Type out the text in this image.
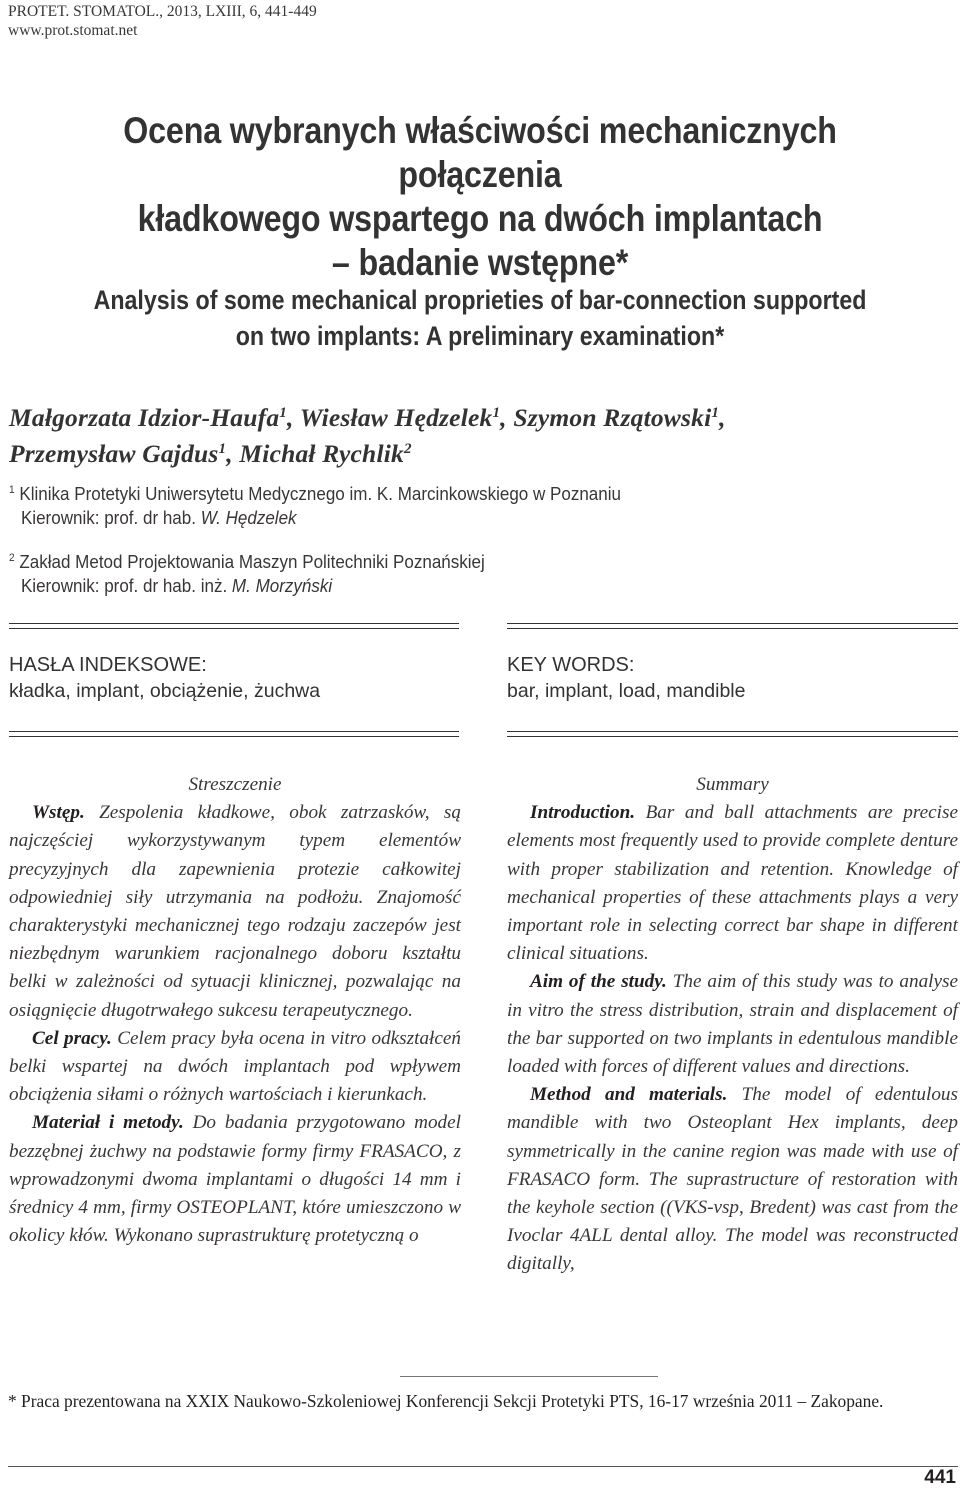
PROTET. STOMATOL., 2013, LXIII, 6, 441-449
www.prot.stomat.net
Ocena wybranych właściwości mechanicznych połączenia
kładkowego wspartego na dwóch implantach
– badanie wstępne*
Analysis of some mechanical proprieties of bar-connection supported
on two implants: A preliminary examination*
Małgorzata Idzior-Haufa$^1$, Wiesław Hędzelek$^1$, Szymon Rzątowski$^1$,
Przemysław Gajdus$^1$, Michał Rychlik$^2$
$^1$ Klinika Protetyki Uniwersytetu Medycznego im. K. Marcinkowskiego w Poznaniu
Kierownik: prof. dr hab. W. Hędzelek
$^2$ Zakład Metod Projektowania Maszyn Politechniki Poznańskiej
Kierownik: prof. dr hab. inż. M. Morzyński
HASŁA INDEKSOWE:
kładka, implant, obciążenie, żuchwa
KEY WORDS:
bar, implant, load, mandible

Streszczenie

Wstęp. Zespolenia kładkowe, obok zatrzasków, są najczęściej wykorzystywanym typem elementów precyzyjnych dla zapewnienia protezie całkowitej odpowiedniej siły utrzymania na podłożu. Znajomość charakterystyki mechanicznej tego rodzaju zaczepów jest niezbędnym warunkiem racjonalnego doboru kształtu belki w zależności od sytuacji klinicznej, pozwalając na osiągnięcie długotrwałego sukcesu terapeutycznego.

Cel pracy. Celem pracy była ocena in vitro odkształceń belki wspartej na dwóch implantach pod wpływem obciążenia siłami o różnych wartościach i kierunkach.

Materiał i metody. Do badania przygotowano model bezzębnej żuchwy na podstawie formy firmy FRASACO, z wprowadzonymi dwoma implantami o długości 14 mm i średnicy 4 mm, firmy OSTEOPLANT, które umieszczono w okolicy kłów. Wykonano suprastrukturę protetyczną o

Summary

Introduction. Bar and ball attachments are precise elements most frequently used to provide complete denture with proper stabilization and retention. Knowledge of mechanical properties of these attachments plays a very important role in selecting correct bar shape in different clinical situations.

Aim of the study. The aim of this study was to analyse in vitro the stress distribution, strain and displacement of the bar supported on two implants in edentulous mandible loaded with forces of different values and directions.

Method and materials. The model of edentulous mandible with two Osteoplant Hex implants, deep symmetrically in the canine region was made with use of FRASACO form. The suprastructure of restoration with the keyhole section ((VKS-vsp, Bredent) was cast from the Ivoclar 4ALL dental alloy. The model was reconstructed digitally,

* Praca prezentowana na XXIX Naukowo-Szkoleniowej Konferencji Sekcji Protetyki PTS, 16-17 września 2011 – Zakopane.
441
